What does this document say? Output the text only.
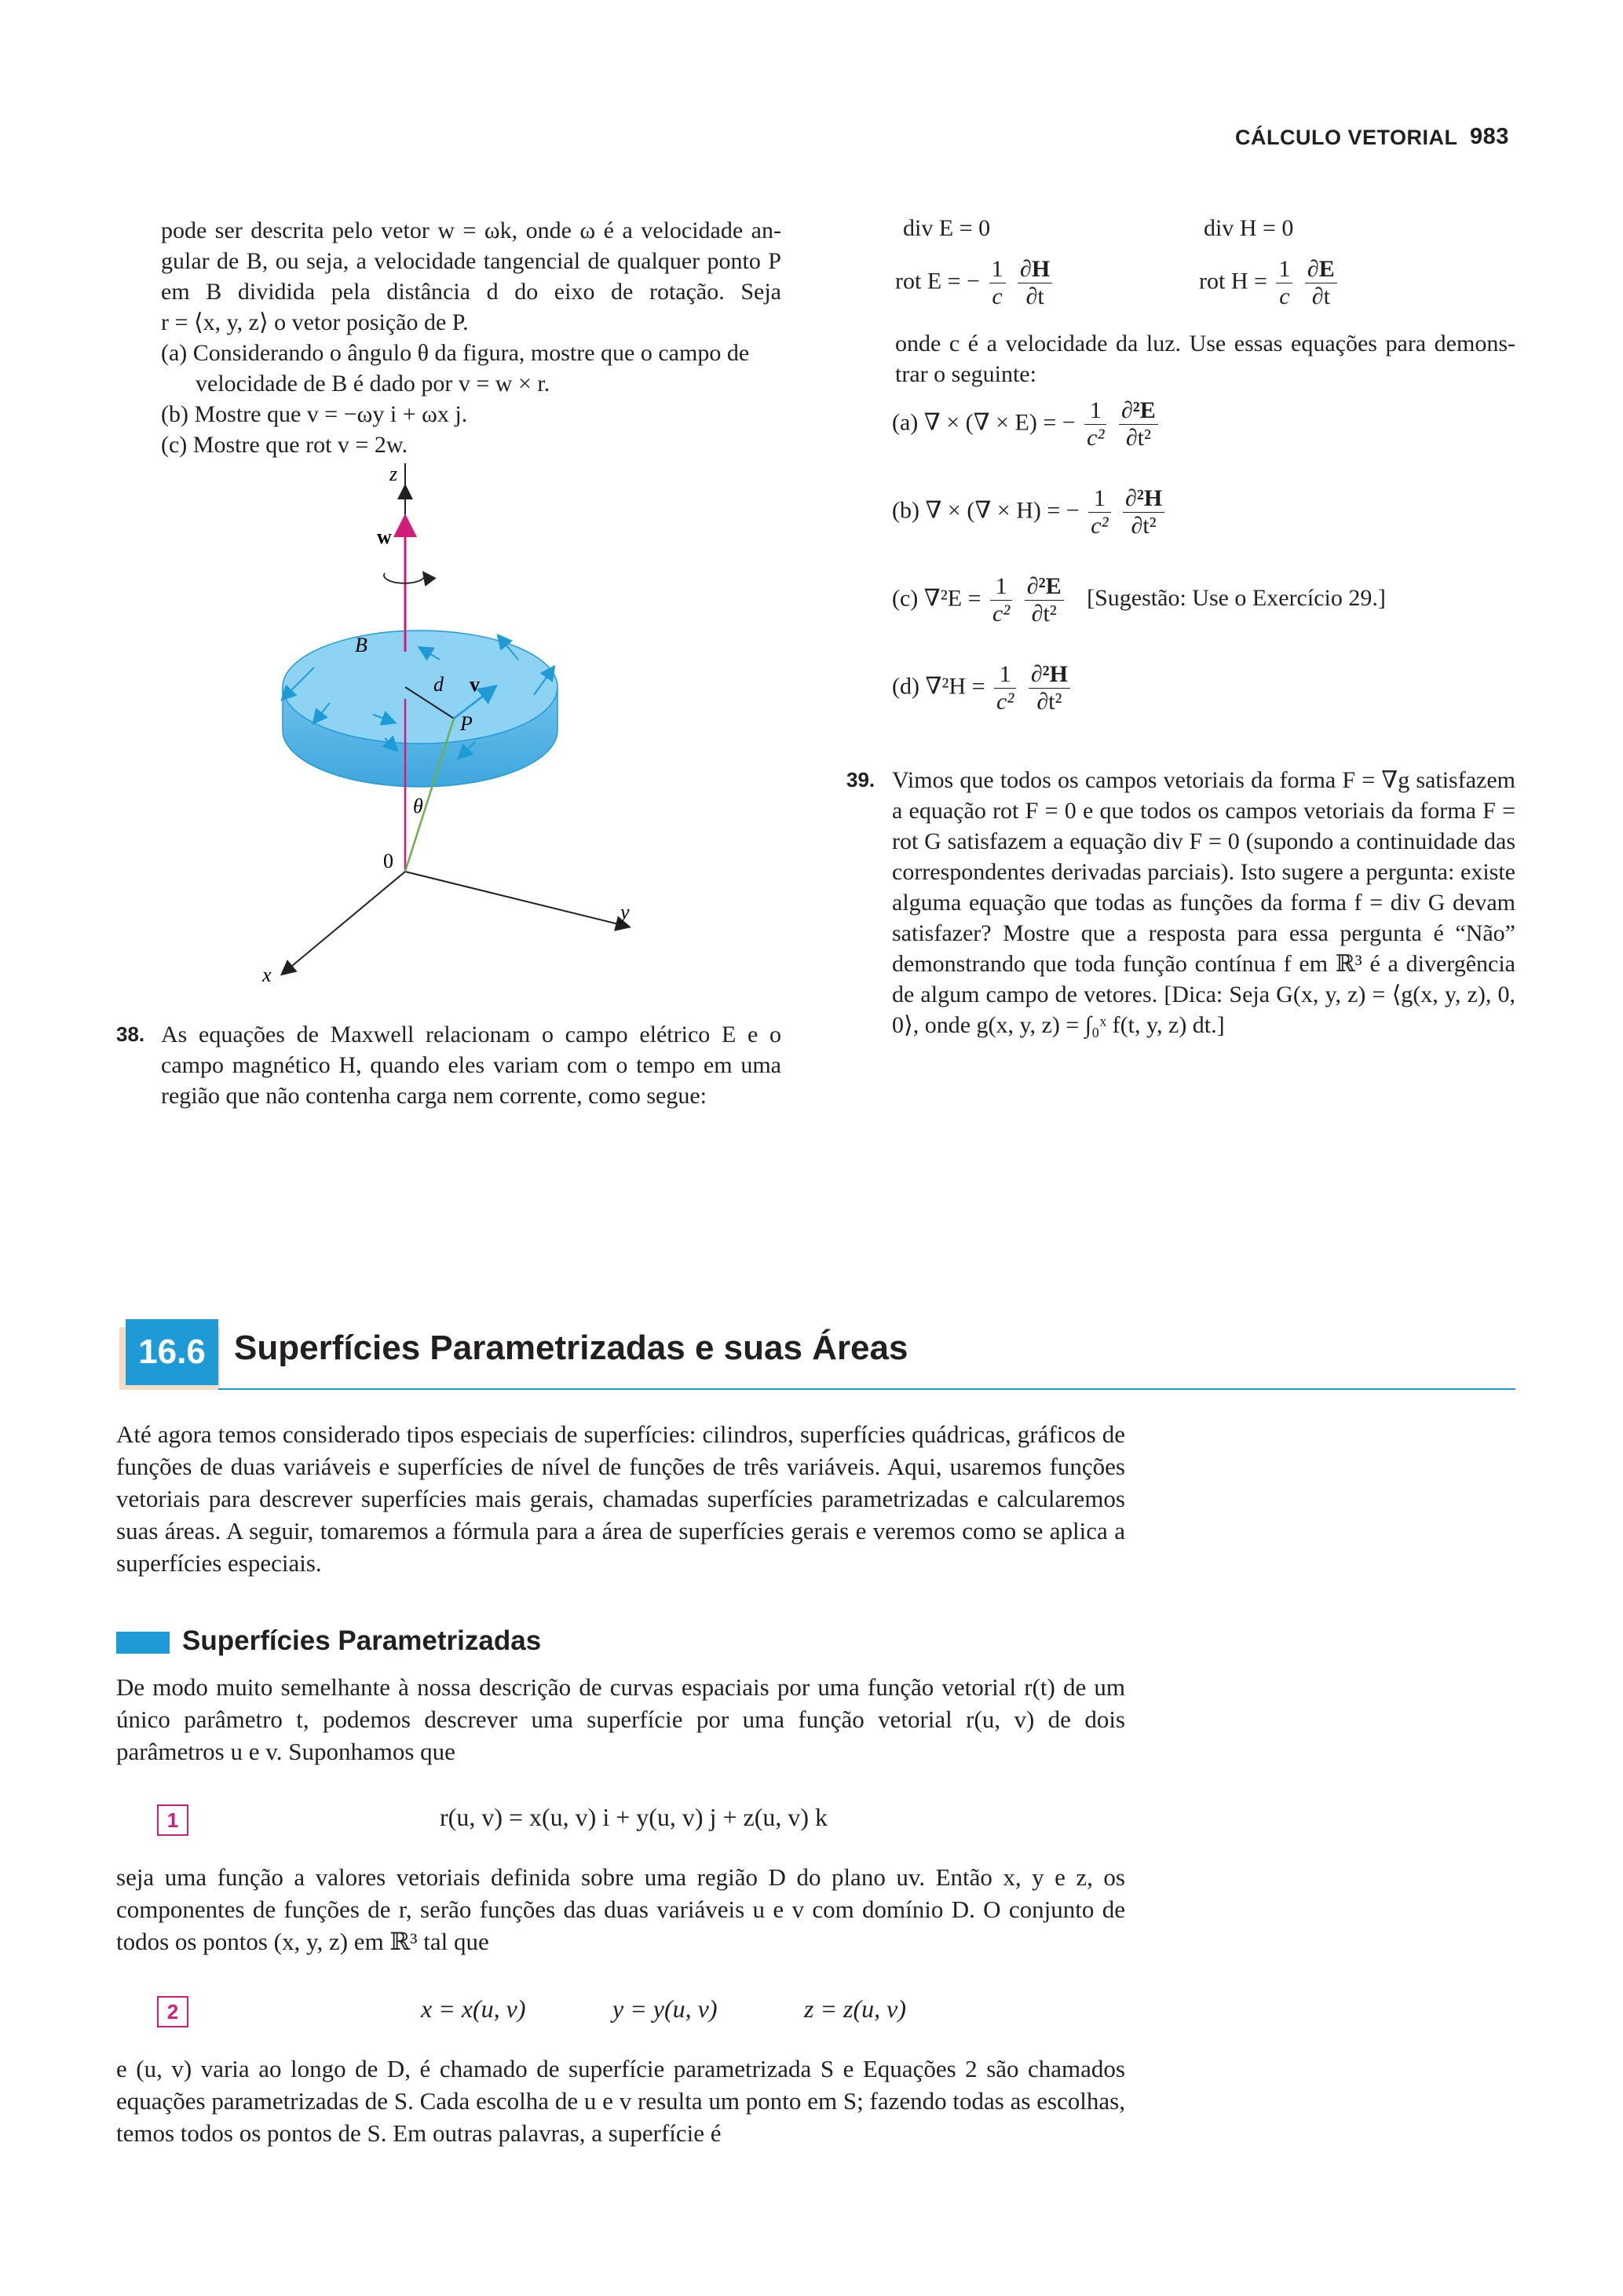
CÁLCULO VETORIAL 983

pode ser descrita pelo vetor w = ωk, onde ω é a velocidade an-

gular de B, ou seja, a velocidade tangencial de qualquer ponto P

em B dividida pela distância d do eixo de rotação. Seja

r = ⟨x, y, z⟩ o vetor posição de P.

(a) Considerando o ângulo θ da figura, mostre que o campo de velocidade de B é dado por v = w × r.

(b) Mostre que v = −ωy i + ωx j.

(c) Mostre que rot v = 2w.

z
w
B
d v
P
θ
0
y
x
38. As equações de Maxwell relacionam o campo elétrico E e o

campo magnético H, quando eles variam com o tempo em uma

região que não contenha carga nem corrente, como segue:

div E = 0	div H = 0
rot E = − $\frac{1}{c}$
$\frac{\partial H}{\partial t}$	rot $H = \frac{1}{c}$
$\frac{\partial E}{\partial t}$

onde c é a velocidade da luz. Use essas equações para demons-

trar o seguinte:

(a) ∇ × (∇ × E) = − $\frac{1}{\text{c²}}$
$\frac{\text{∂²E}}{\text{∂t²}}$
(b) ∇ × (∇ × H) = − $\frac{1}{\text{c²}}$
$\frac{\text{∂²H}}{\text{∂t²}}$
(c) $\nabla^2E = \frac{1}{\text{c²}}$
$\frac{\text{∂²E}}{\text{∂t²}}$ [Sugestão: Use o Exercício 29.]
(d) $\nabla^2H = \frac{1}{\text{c²}}$
$\frac{\text{∂²H}}{\text{∂t²}}$
39. Vimos que todos os campos vetoriais da forma F = ∇g satisfazem a equação rot F = 0 e que todos os campos vetoriais da forma F = rot G satisfazem a equação div F = 0 (supondo a continuidade das correspondentes derivadas parciais). Isto sugere a pergunta: existe alguma equação que todas as funções da forma f = div G devam satisfazer? Mostre que a resposta para essa pergunta é “Não” demonstrando que toda função contínua f em ℝ³ é a divergência de algum campo de vetores. [Dica: Seja G(x, y, z) = ⟨g(x, y, z), 0, 0⟩, onde g(x, y, z) = ∫₀ˣ f(t, y, z) dt.]

16.6 Superfícies Parametrizadas e suas Áreas

Até agora temos considerado tipos especiais de superfícies: cilindros, superfícies quádricas, gráficos de funções de duas variáveis e superfícies de nível de funções de três variáveis. Aqui, usaremos funções vetoriais para descrever superfícies mais gerais, chamadas superfícies parametrizadas e calcularemos suas áreas. A seguir, tomaremos a fórmula para a área de superfícies gerais e veremos como se aplica a superfícies especiais.

Superfícies Parametrizadas

De modo muito semelhante à nossa descrição de curvas espaciais por uma função vetorial r(t) de um único parâmetro t, podemos descrever uma superfície por uma função vetorial r(u, v) de dois parâmetros u e v. Suponhamos que

1	r(u, v) = x(u, v) i + y(u, v) j + z(u, v) k

seja uma função a valores vetoriais definida sobre uma região D do plano uv. Então x, y e z, os componentes de funções de r, serão funções das duas variáveis u e v com domínio D. O conjunto de todos os pontos (x, y, z) em ℝ³ tal que

2	x = x(u, v)	y = y(u, v)	z = z(u, v)

e (u, v) varia ao longo de D, é chamado de superfície parametrizada S e Equações 2 são chamados equações parametrizadas de S. Cada escolha de u e v resulta um ponto em S; fazendo todas as escolhas, temos todos os pontos de S. Em outras palavras, a superfície é
